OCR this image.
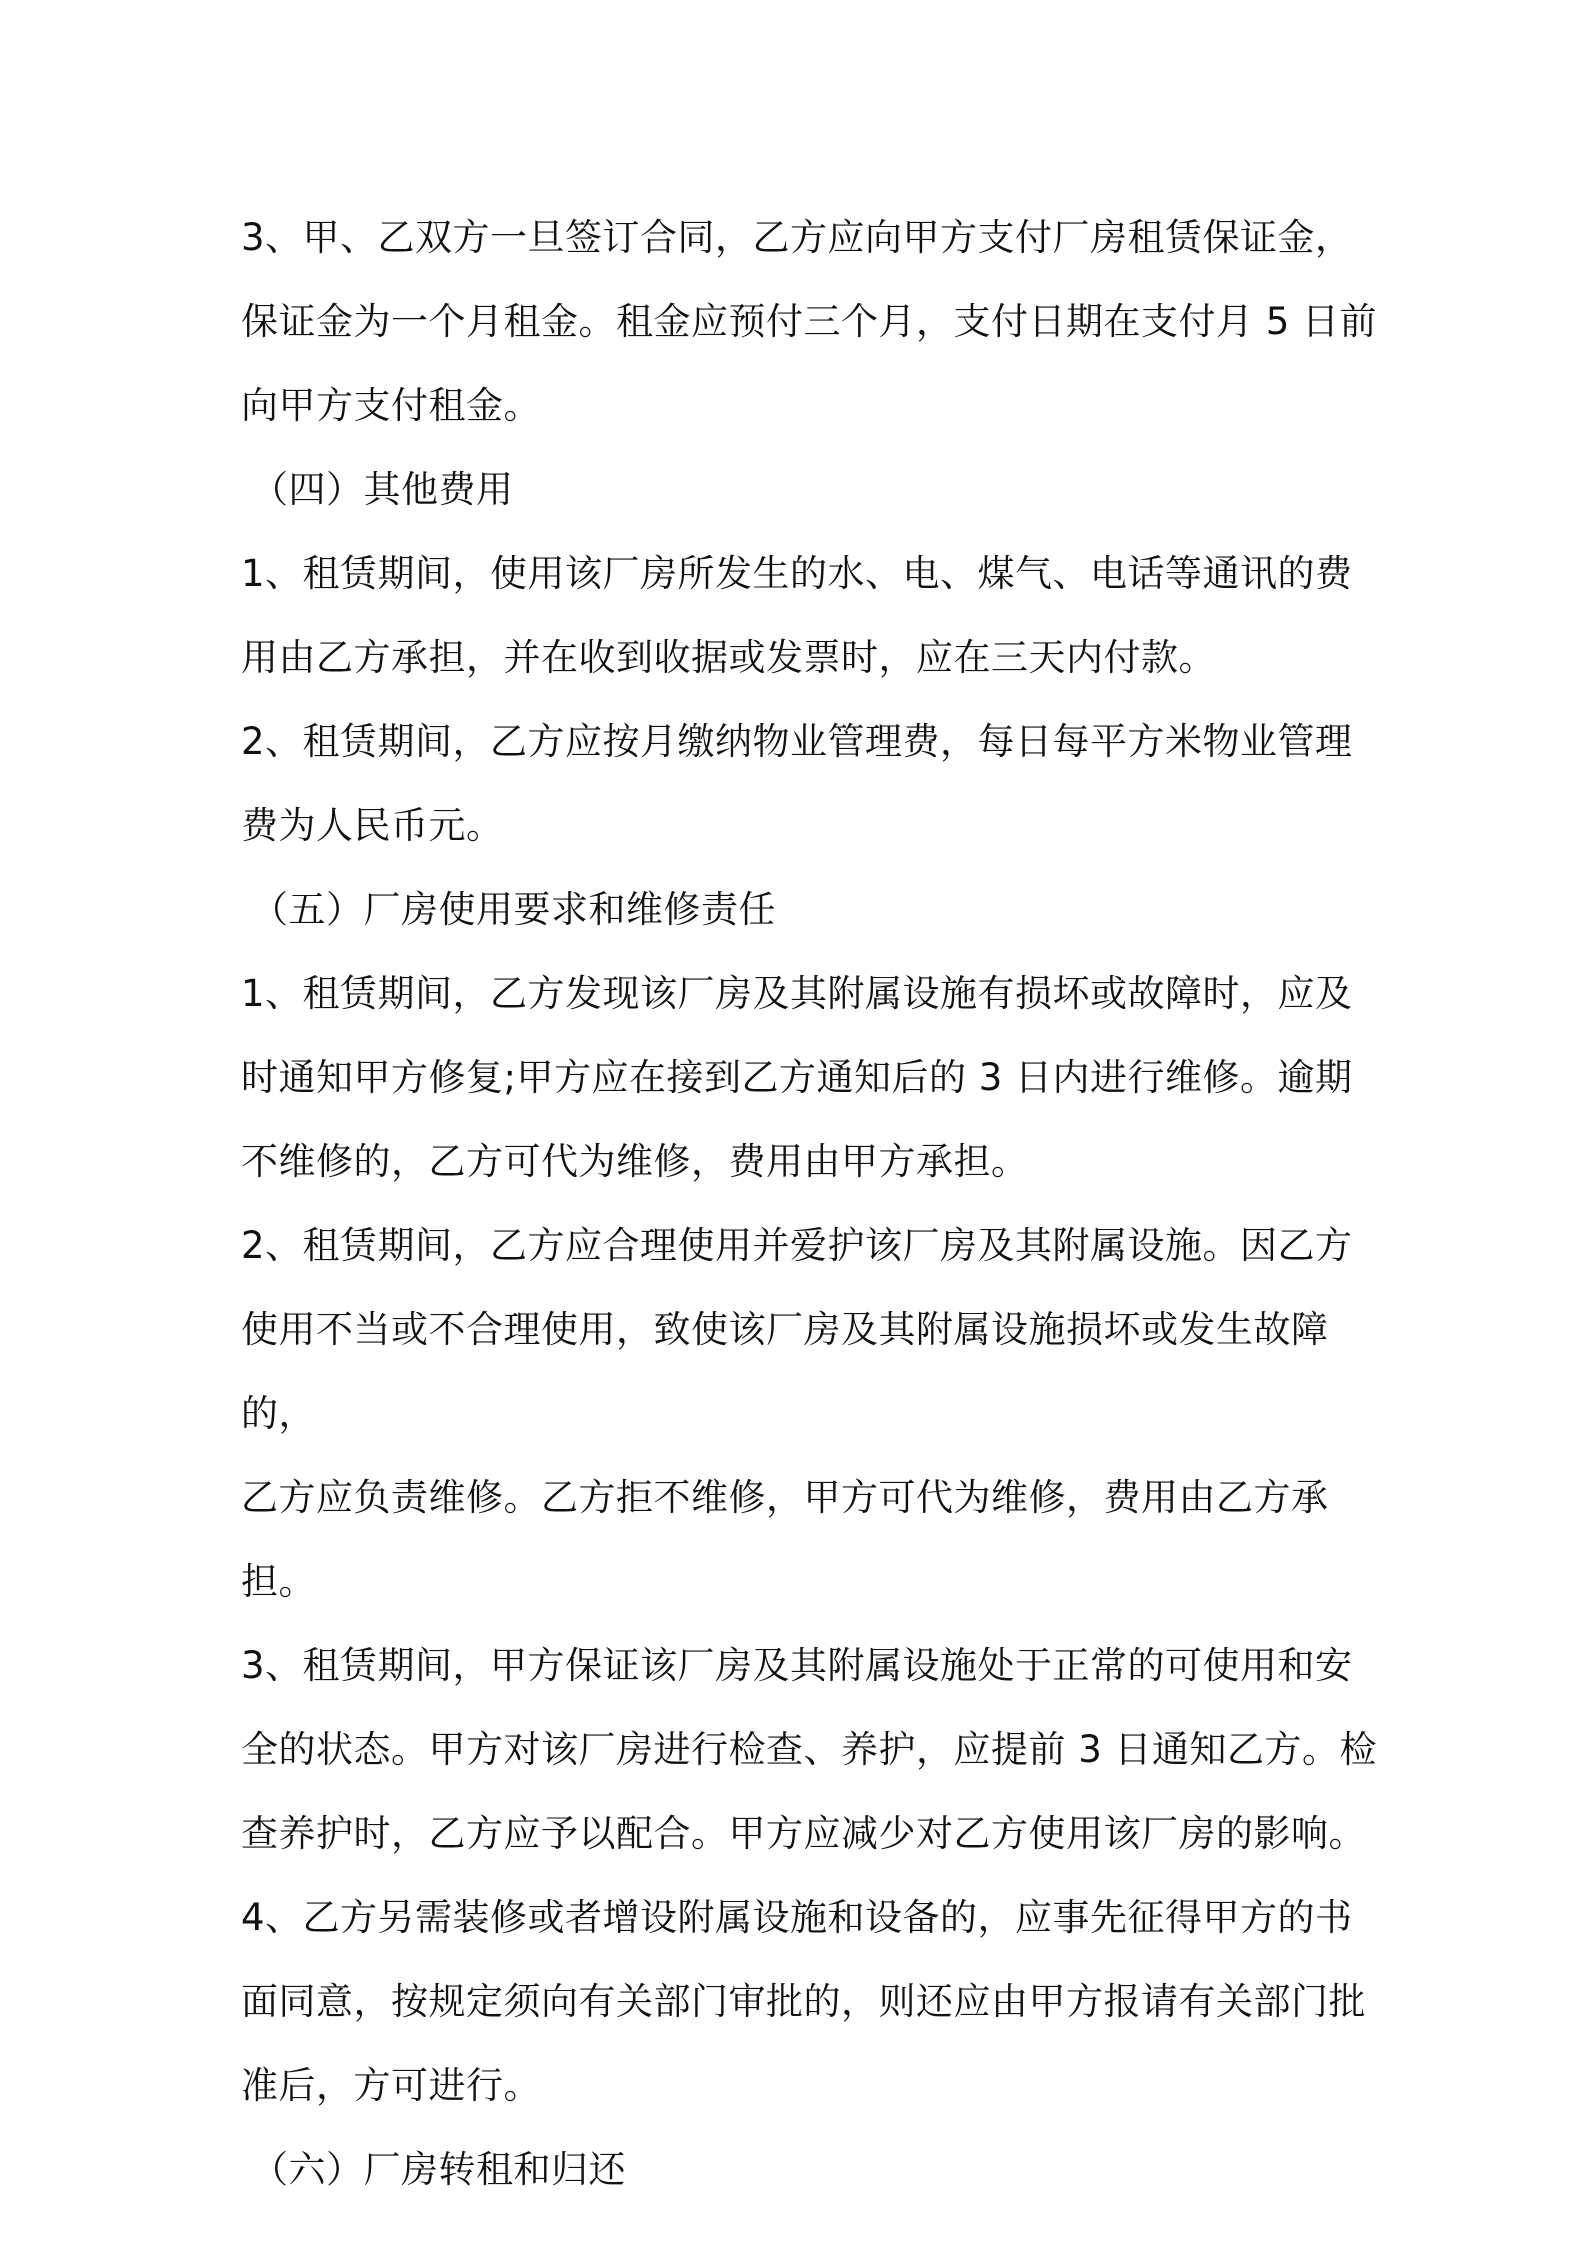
3、甲、乙双方一旦签订合同，乙方应向甲方支付厂房租赁保证金，
保证金为一个月租金。租金应预付三个月，支付日期在支付月 5 日前
向甲方支付租金。

（四）其他费用

1、租赁期间，使用该厂房所发生的水、电、煤气、电话等通讯的费
用由乙方承担，并在收到收据或发票时，应在三天内付款。

2、租赁期间，乙方应按月缴纳物业管理费，每日每平方米物业管理
费为人民币元。

（五）厂房使用要求和维修责任

1、租赁期间，乙方发现该厂房及其附属设施有损坏或故障时，应及
时通知甲方修复;甲方应在接到乙方通知后的 3 日内进行维修。逾期
不维修的，乙方可代为维修，费用由甲方承担。

2、租赁期间，乙方应合理使用并爱护该厂房及其附属设施。因乙方
使用不当或不合理使用，致使该厂房及其附属设施损坏或发生故障的，
乙方应负责维修。乙方拒不维修，甲方可代为维修，费用由乙方承担。

3、租赁期间，甲方保证该厂房及其附属设施处于正常的可使用和安
全的状态。甲方对该厂房进行检查、养护，应提前 3 日通知乙方。检
查养护时，乙方应予以配合。甲方应减少对乙方使用该厂房的影响。

4、乙方另需装修或者增设附属设施和设备的，应事先征得甲方的书
面同意，按规定须向有关部门审批的，则还应由甲方报请有关部门批
准后，方可进行。

（六）厂房转租和归还
